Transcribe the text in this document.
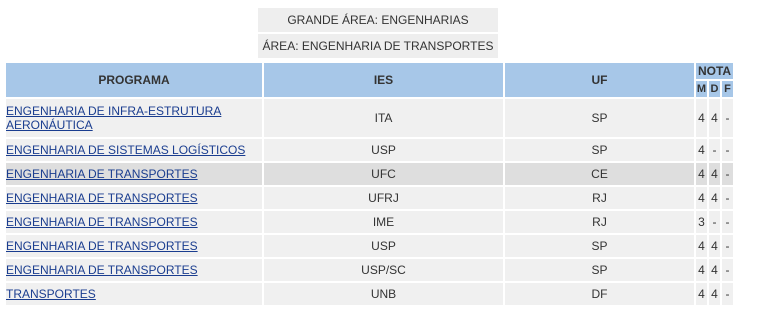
GRANDE ÁREA: ENGENHARIAS
ÁREA: ENGENHARIA DE TRANSPORTES
PROGRAMA	IES	UF	NOTA		
			M	D	F
ENGENHARIA DE INFRA-ESTRUTURA AERONÁUTICA	ITA	SP	4	4	-
ENGENHARIA DE SISTEMAS LOGÍSTICOS	USP	SP	4	-	-
ENGENHARIA DE TRANSPORTES	UFC	CE	4	4	-
ENGENHARIA DE TRANSPORTES	UFRJ	RJ	4	4	-
ENGENHARIA DE TRANSPORTES	IME	RJ	3	-	-
ENGENHARIA DE TRANSPORTES	USP	SP	4	4	-
ENGENHARIA DE TRANSPORTES	USP/SC	SP	4	4	-
TRANSPORTES	UNB	DF	4	4	-
